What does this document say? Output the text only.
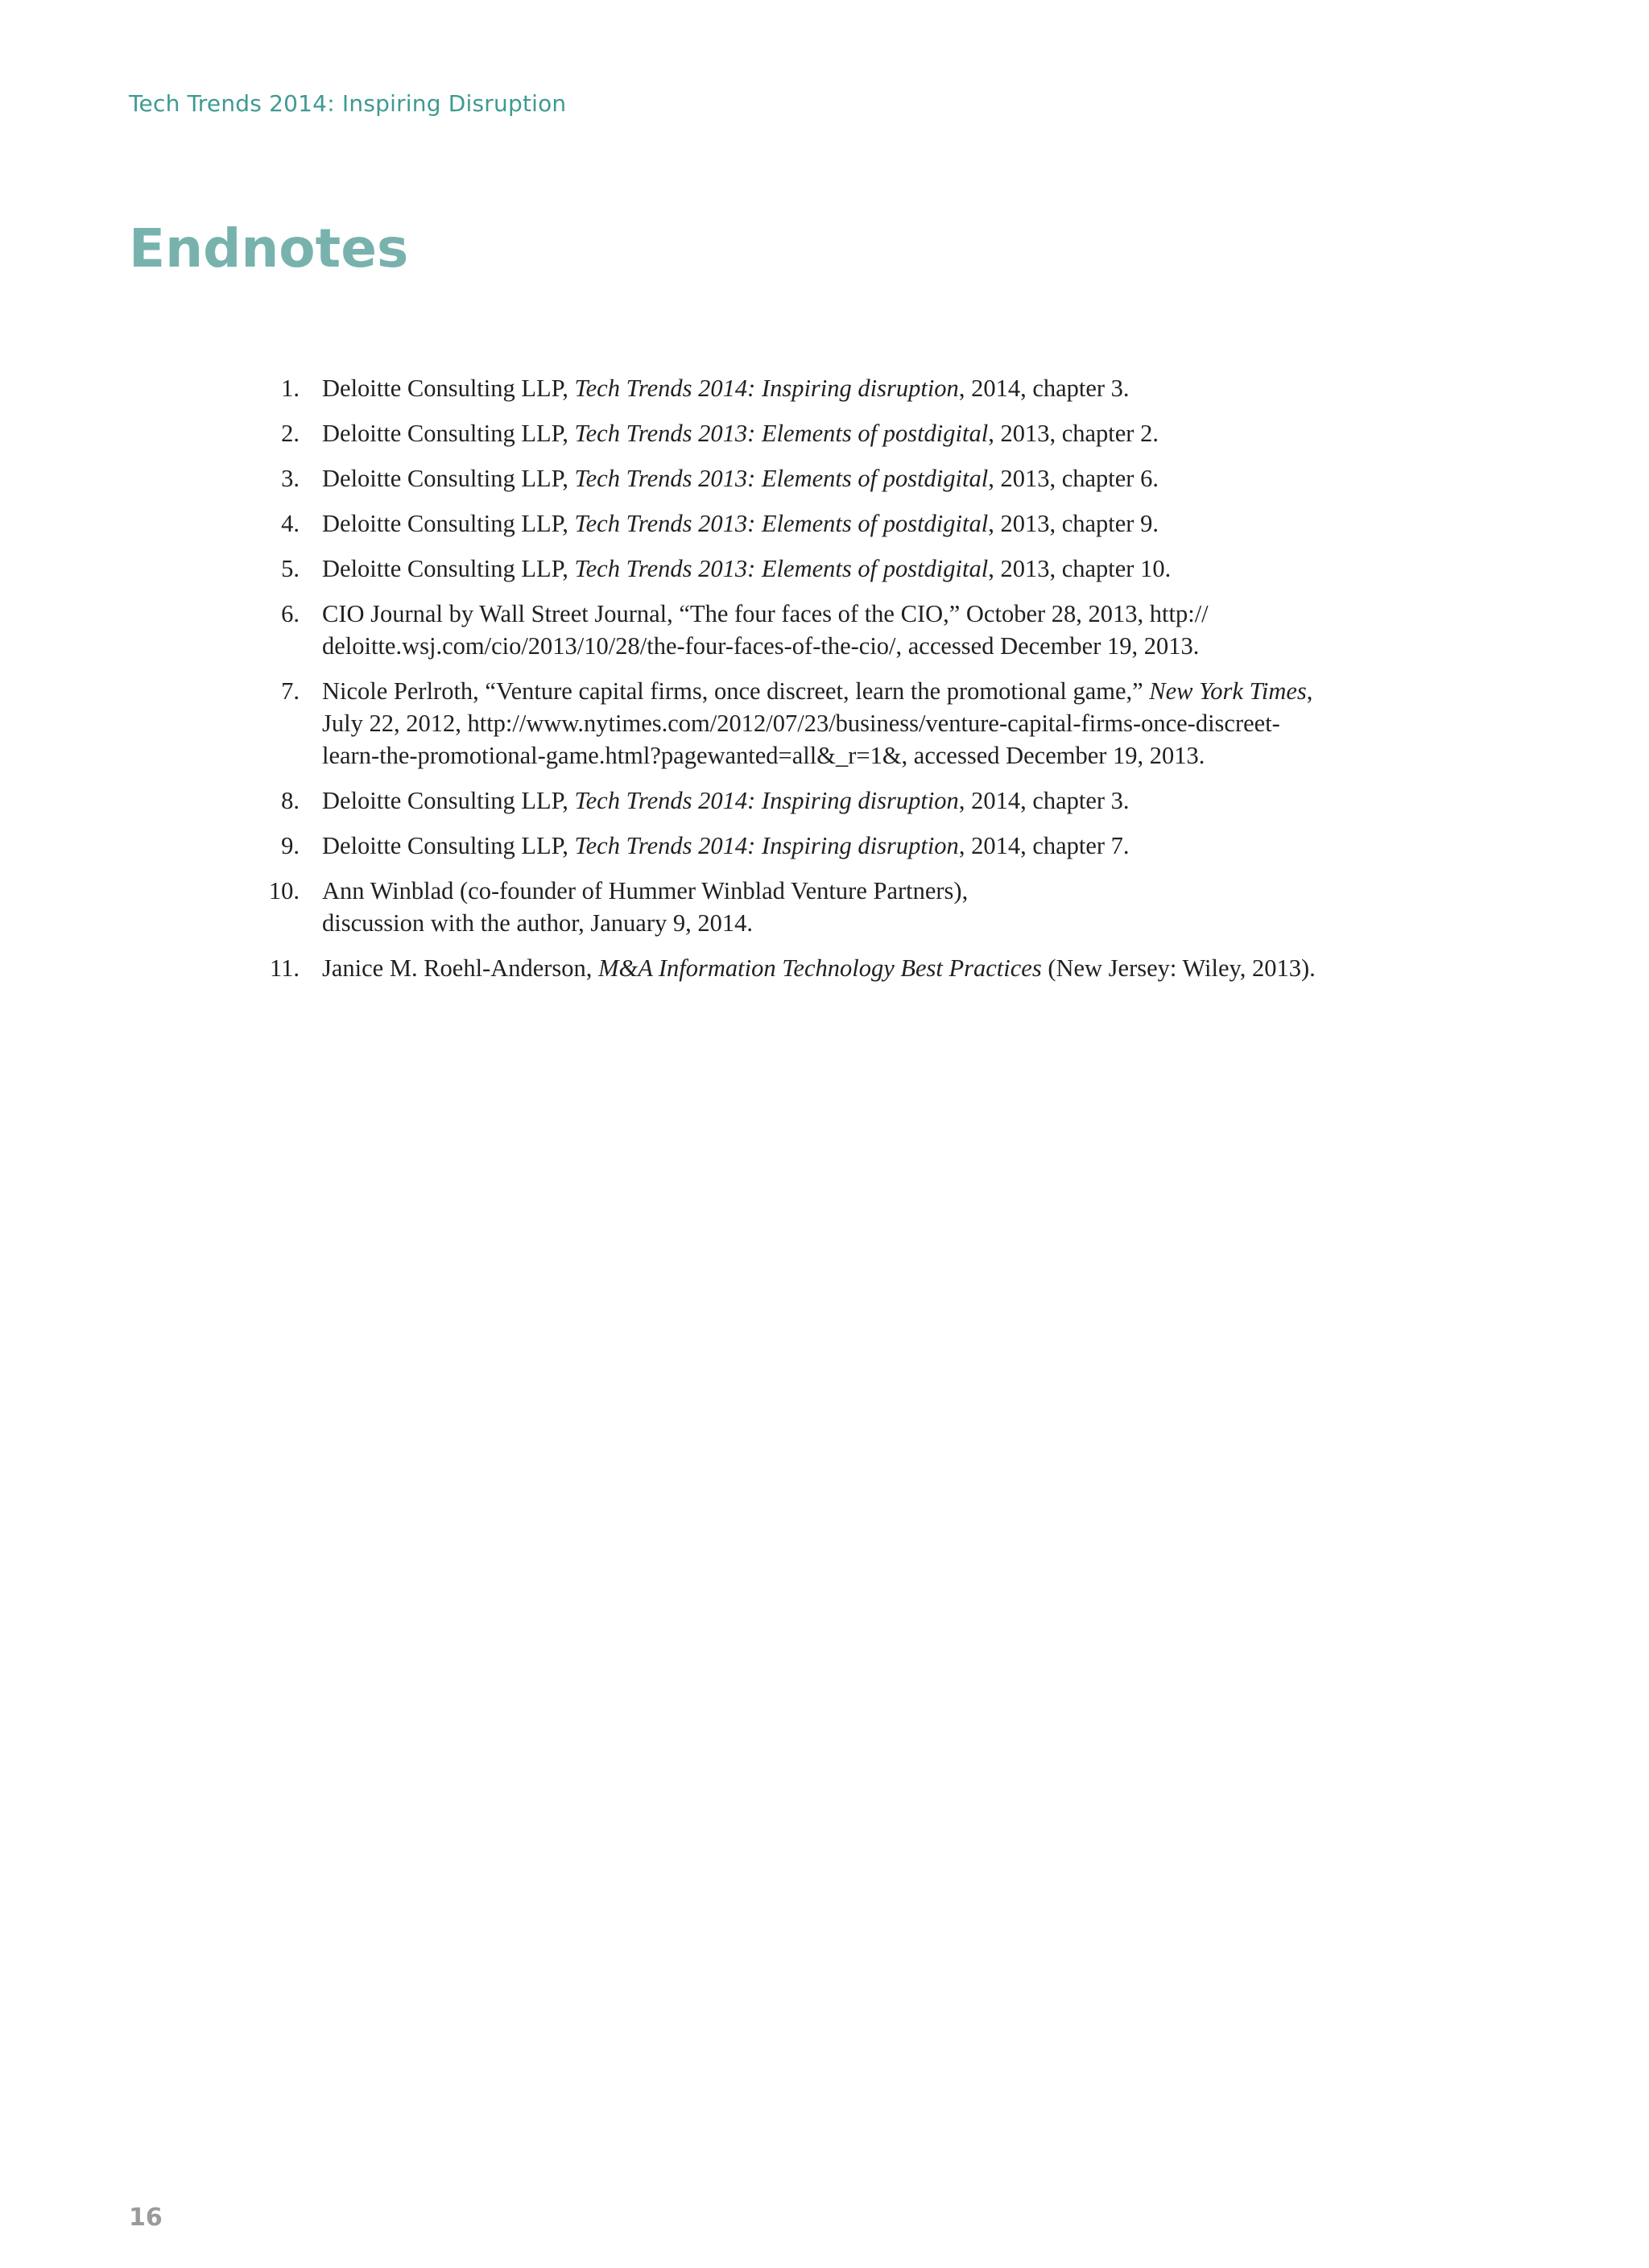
Tech Trends 2014: Inspiring Disruption
Endnotes
1. Deloitte Consulting LLP, Tech Trends 2014: Inspiring disruption, 2014, chapter 3.
2. Deloitte Consulting LLP, Tech Trends 2013: Elements of postdigital, 2013, chapter 2.
3. Deloitte Consulting LLP, Tech Trends 2013: Elements of postdigital, 2013, chapter 6.
4. Deloitte Consulting LLP, Tech Trends 2013: Elements of postdigital, 2013, chapter 9.
5. Deloitte Consulting LLP, Tech Trends 2013: Elements of postdigital, 2013, chapter 10.
6. CIO Journal by Wall Street Journal, “The four faces of the CIO,” October 28, 2013, http://
deloitte.wsj.com/cio/2013/10/28/the-four-faces-of-the-cio/, accessed December 19, 2013.
7. Nicole Perlroth, “Venture capital firms, once discreet, learn the promotional game,” New York Times,
July 22, 2012, http://www.nytimes.com/2012/07/23/business/venture-capital-firms-once-discreet-
learn-the-promotional-game.html?pagewanted=all&_r=1&, accessed December 19, 2013.
8. Deloitte Consulting LLP, Tech Trends 2014: Inspiring disruption, 2014, chapter 3.
9. Deloitte Consulting LLP, Tech Trends 2014: Inspiring disruption, 2014, chapter 7.
10. Ann Winblad (co-founder of Hummer Winblad Venture Partners),
discussion with the author, January 9, 2014.
11. Janice M. Roehl-Anderson, M&A Information Technology Best Practices (New Jersey: Wiley, 2013).
16
